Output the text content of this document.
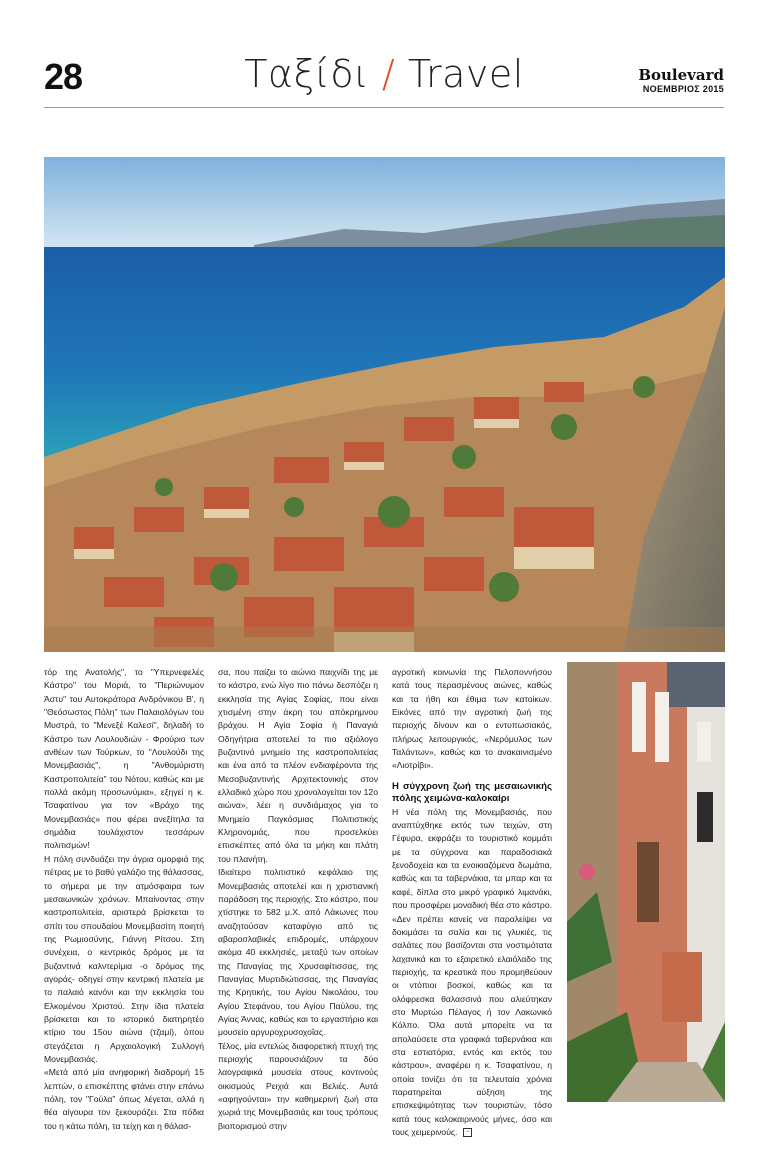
28	Ταξίδι / Travel	Boulevard
ΝΟΕΜΒΡΙΟΣ 2015

τόρ της Ανατολής", το "Υπερνεφελές Κάστρο" του Μοριά, το "Περιώνυμον Άστυ" του Αυτοκράτορα Ανδρόνικου Β', η "Θεόσωστος Πόλη" των Παλαιολόγων του Μυστρά, το "Μενεξέ Καλεσί", δηλαδή το Κάστρο των Λουλουδιών - Φρούριο των ανθέων των Τούρκων, το "Λουλούδι της Μονεμβασιάς", η "Ανθομύριστη Καστροπολιτεία" του Νότου, καθώς και με πολλά ακόμη προσωνύμια», εξηγεί η κ. Τσαφατίνου για τον «Βράχο της Μονεμβασιάς» που φέρει ανεξίτηλα τα σημάδια τουλάχιστον τεσσάρων πολιτισμών!

Η πόλη συνδυάζει την άγρια ομορφιά της πέτρας με το βαθύ γαλάζιο της θάλασσας, το σήμερα με την ατμόσφαιρα των μεσαιωνικών χρόνων. Μπαίνοντας στην καστροπολιτεία, αριστερά βρίσκεται το σπίτι του σπουδαίου Μονεμβασίτη ποιητή της Ρωμιοσύνης, Γιάννη Ρίτσου. Στη συνέχεια, ο κεντρικός δρόμος με τα βυζαντινά καλντερίμια -ο δρόμος της αγοράς- οδηγεί στην κεντρική πλατεία με το παλαιό κανόνι και την εκκλησία του Ελκομένου Χριστού. Στην ίδια πλατεία βρίσκεται και το ιστορικό διατηρητέο κτίριο του 15ου αιώνα (τζαμί), όπου στεγάζεται η Αρχαιολογική Συλλογή Μονεμβασιάς.

«Μετά από μία ανηφορική διαδρομή 15 λεπτών, ο επισκέπτης φτάνει στην επάνω πόλη, τον "Γούλα" όπως λέγεται, αλλά η θέα αίγουρα τον ξεκουράζει. Στα πόδια του η κάτω πόλη, τα τείχη και η θάλασ-

σα, που παίζει το αιώνιο παιχνίδι της με το κάστρο, ενώ λίγο πιο πάνω δεσπόζει η εκκλησία της Αγίας Σοφίας, που είναι χτισμένη στην άκρη του απόκρημνου βράχου. Η Αγία Σοφία ή Παναγιά Οδηγήτρια αποτελεί το πιο αξιόλογο βυζαντινό μνημείο της καστροπολιτείας και ένα από τα πλέον ενδιαφέροντα της Μεσοβυζαντινής Αρχιτεκτονικής στον ελλαδικό χώρο που χρονολογείται τον 12ο αιώνα», λέει η συνδιάμαχος για το Μνημείο Παγκόσμιας Πολιτιστικής Κληρονομιάς, που προσελκύει επισκέπτες από όλα τα μήκη και πλάτη του πλανήτη.

Ιδιαίτερο πολιτιστικό κεφάλαιο της Μονεμβασιάς αποτελεί και η χριστιανική παράδοση της περιοχής. Στο κάστρο, που χτίστηκε το 582 μ.Χ. από Λάκωνες που αναζητούσαν καταφύγιο από τις αβαροσλαβικές επιδρομές, υπάρχουν ακόμα 40 εκκλησιές, μεταξύ των οποίων της Παναγίας της Χρυσαφίτισσας, της Παναγίας Μυρτιδιώτισσας, της Παναγίας της Κρητικής, του Αγίου Νικολάου, του Αγίου Στεφάνου, του Αγίου Παύλου, της Αγίας Άννας, καθώς και το εργαστήριο και μουσείο αργυροχρυσοχοΐας.

Τέλος, μία εντελώς διαφορετική πτυχή της περιοχής παρουσιάζουν τα δύο λαογραφικά μουσεία στους κοντινούς οικισμούς Ρειχιά και Βελιές. Αυτά «αφηγούνται» την καθημερινή ζωή στα χωριά της Μονεμβασιάς και τους τρόπους βιοπορισμού στην

αγροτική κοινωνία της Πελοποννήσου κατά τους περασμένους αιώνες, καθώς και τα ήθη και έθιμα των κατοίκων. Εικόνες από την αγροτική ζωή της περιοχής δίνουν και ο εντυπωσιακός, πλήρως λειτουργικός, «Νερόμυλος των Ταλάντων», καθώς και το ανακαινισμένο «Λιοτρίβι».

Η σύγχρονη ζωή της μεσαιωνικής πόλης χειμώνα-καλοκαίρι

Η νέα πόλη της Μονεμβασιάς, που αναπτύχθηκε εκτός των τειχών, στη Γέφυρα, εκφράζει το τουριστικό κομμάτι με τα σύγχρονα και παραδοσιακά ξενοδοχεία και τα ενοικιαζόμενα δωμάτια, καθώς και τα ταβερνάκια, τα μπαρ και τα καφέ, δίπλα στο μικρό γραφικό λιμανάκι, που προσφέρει μοναδική θέα στο κάστρο. «Δεν πρέπει κανείς να παραλείψει να δοκιμάσει τα σαλία και τις γλυκιές, τις σαλάτες που βασίζονται στα νοστιμότατα λαχανικά και το εξαιρετικό ελαιόλαδο της περιοχής, τα κρεατικά που προμηθεύουν οι ντόπιοι βοσκοί, καθώς και τα ολόφρεσκα θαλασσινά που αλιεύτηκαν στο Μυρτώο Πέλαγος ή τον Λακωνικό Κόλπο. Όλα αυτά μπορείτε να τα απολαύσετε στα γραφικά ταβερνάκια και στα εστιατόρια, εντός και εκτός του κάστρου», αναφέρει η κ. Τσαφατίνου, η οποία τονίζει ότι τα τελευταία χρόνια παρατηρείται αύξηση της επισκεψιμότητας των τουριστών, τόσο κατά τους καλοκαιρινούς μήνες, όσο και τους χειμερινούς. −
